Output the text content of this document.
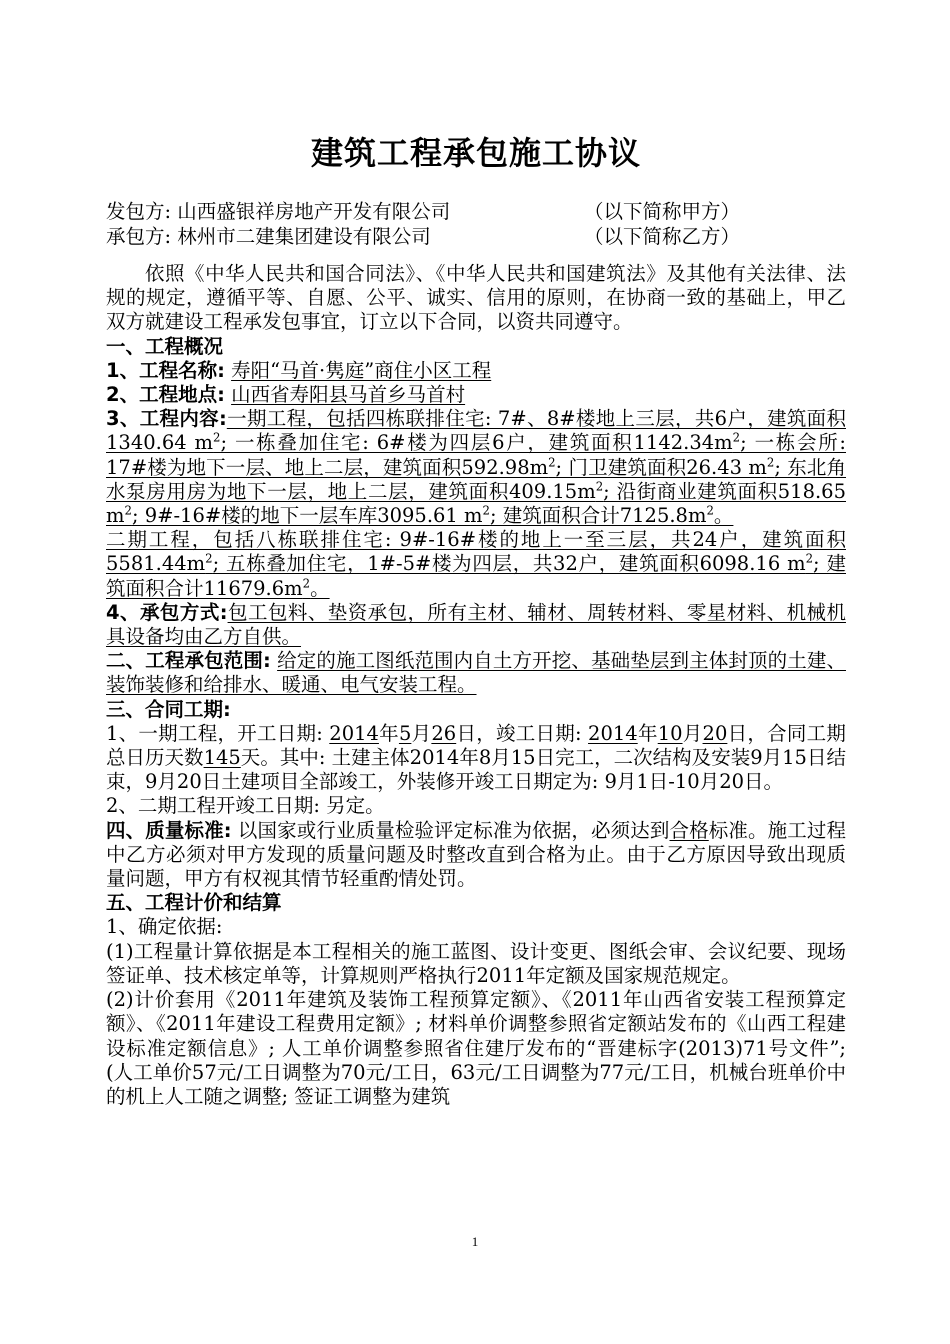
建筑工程承包施工协议
发包方: 山西盛银祥房地产开发有限公司	（以下简称甲方）
承包方: 林州市二建集团建设有限公司	（以下简称乙方）

依照《中华人民共和国合同法》、《中华人民共和国建筑法》及其他有关法律、法规的规定，遵循平等、自愿、公平、诚实、信用的原则，在协商一致的基础上，甲乙双方就建设工程承发包事宜，订立以下合同，以资共同遵守。

一、工程概况

1、工程名称: 寿阳“马首·隽庭”商住小区工程

2、工程地点: 山西省寿阳县马首乡马首村

3、工程内容:一期工程，包括四栋联排住宅: 7#、8#楼地上三层，共6户，建筑面积1340.64 $m^2$; 一栋叠加住宅: 6#楼为四层6户，建筑面积$1142.34m^2$; 一栋会所: 17#楼为地下一层、地上二层，建筑面积$592.98m^2$; 门卫建筑面积26.43 $m^2$; 东北角水泵房用房为地下一层，地上二层，建筑面积$409.15m^2$; 沿街商业建筑面积518.65 $m^2$; 9#-16#楼的地下一层车库3095.61 $m^2$; 建筑面积合计$7125.8m^2$。

二期工程，包括八栋联排住宅: 9#-16#楼的地上一至三层，共24户，建筑面积$5581.44m^2$; 五栋叠加住宅，1#-5#楼为四层，共32户，建筑面积6098.16 $m^2$; 建筑面积合计$11679.6m^2$。

4、承包方式:包工包料、垫资承包，所有主材、辅材、周转材料、零星材料、机械机具设备均由乙方自供。

二、工程承包范围: 给定的施工图纸范围内自土方开挖、基础垫层到主体封顶的土建、装饰装修和给排水、暖通、电气安装工程。

三、合同工期:

1、一期工程，开工日期: 2014年5月26日，竣工日期: 2014年10月20日，合同工期总日历天数145天。其中: 土建主体2014年8月15日完工，二次结构及安装9月15日结束，9月20日土建项目全部竣工，外装修开竣工日期定为: 9月1日-10月20日。

2、二期工程开竣工日期: 另定。

四、质量标准: 以国家或行业质量检验评定标准为依据，必须达到合格标准。施工过程中乙方必须对甲方发现的质量问题及时整改直到合格为止。由于乙方原因导致出现质量问题，甲方有权视其情节轻重酌情处罚。

五、工程计价和结算

1、确定依据:

(1)工程量计算依据是本工程相关的施工蓝图、设计变更、图纸会审、会议纪要、现场签证单、技术核定单等，计算规则严格执行2011年定额及国家规范规定。

(2)计价套用《2011年建筑及装饰工程预算定额》、《2011年山西省安装工程预算定额》、《2011年建设工程费用定额》; 材料单价调整参照省定额站发布的《山西工程建设标准定额信息》; 人工单价调整参照省住建厅发布的“晋建标字(2013)71号文件”;(人工单价57元/工日调整为70元/工日，63元/工日调整为77元/工日，机械台班单价中的机上人工随之调整; 签证工调整为建筑

1
